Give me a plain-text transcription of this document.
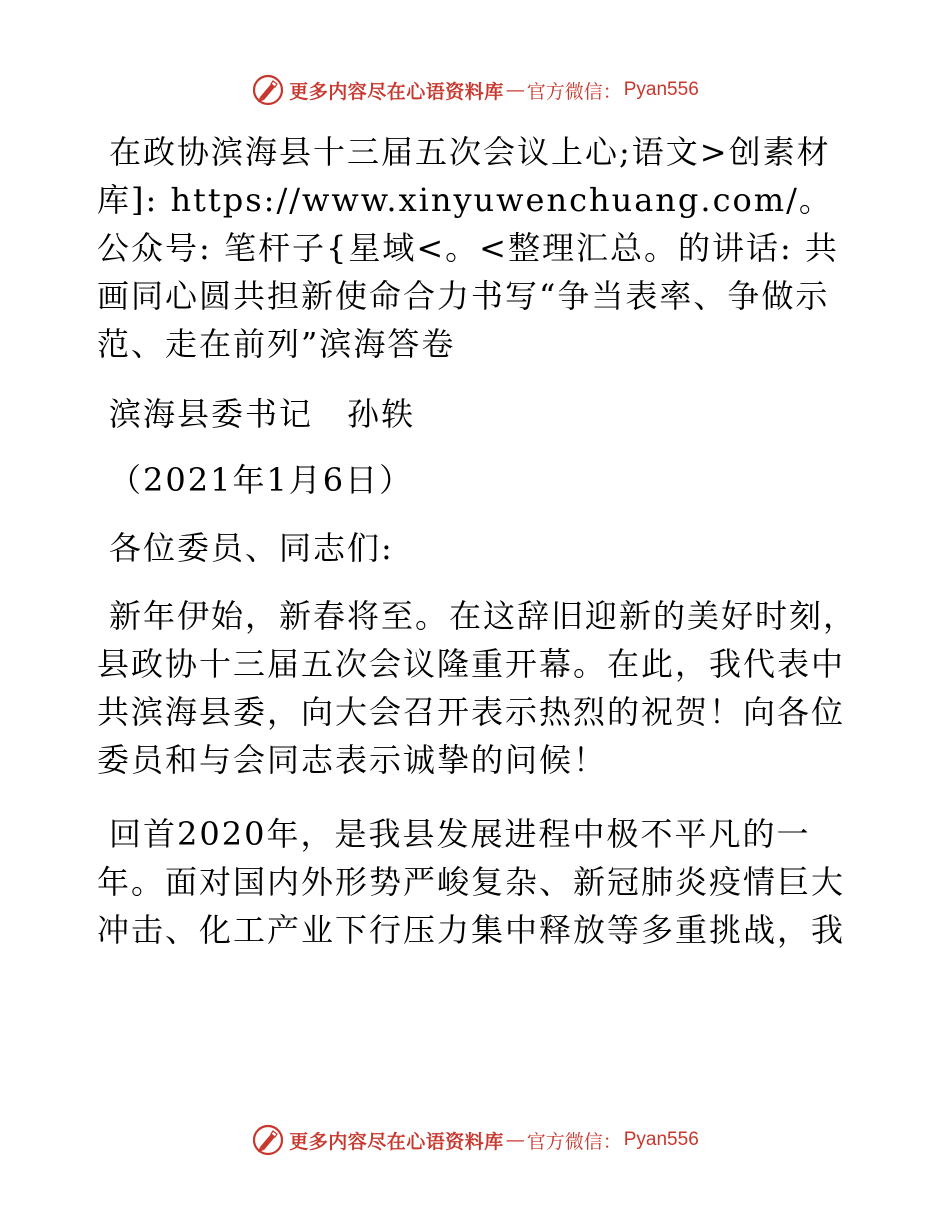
更多内容尽在心语资料库 — 官方微信： Pyan556

在政协滨海县十三届五次会议上心;语文>创素材库]: https://www.xinyuwenchuang.com/。公众号: 笔杆子{星域<。<整理汇总。的讲话: 共画同心圆共担新使命合力书写“争当表率、争做示范、走在前列”滨海答卷

滨海县委书记　孙轶

（2021年1月6日）

各位委员、同志们:

新年伊始，新春将至。在这辞旧迎新的美好时刻，县政协十三届五次会议隆重开幕。在此，我代表中共滨海县委，向大会召开表示热烈的祝贺！向各位委员和与会同志表示诚挚的问候！

回首2020年，是我县发展进程中极不平凡的一年。面对国内外形势严峻复杂、新冠肺炎疫情巨大冲击、化工产业下行压力集中释放等多重挑战，我

更多内容尽在心语资料库 — 官方微信： Pyan556
